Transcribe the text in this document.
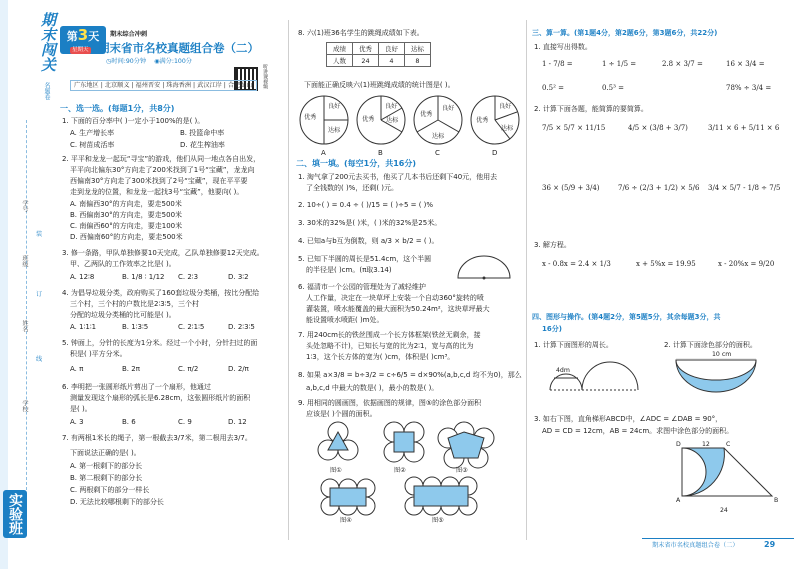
期末闯关
名题卷
学号
班级
姓名
学校
装
订
线
实验班
第3天
星期天
期末综合冲刺
期末省市名校真题组合卷（二）
◷时间:90分钟 ◉满分:100分
听讲课视频
广东地区 | 北京顺义 | 福州晋安 | 珠海香洲 | 武汉江岸 | 合肥蜀山
一、选一选。(每题1分，共8分)
1. 下面的百分率中( )一定小于100%的是( )。
A. 生产增长率	B. 投篮命中率
C. 树苗成活率	D. 花生榨油率
2. 平平和龙龙一起玩“寻宝”的游戏，他们从同一地点各自出发，
平平向北偏东30°方向走了200米找到了1号“宝藏”，龙龙向
西偏南30°方向走了300米找到了2号“宝藏”，现在平平要
走到龙龙的位置，和龙龙一起找3号“宝藏”，他要向( )。
A. 南偏西30°的方向走，要走500米
B. 西偏南30°的方向走，要走500米
C. 南偏西60°的方向走，要走100米
D. 西偏南60°的方向走，要走500米
3. 修一条路，甲队单独修要10天完成，乙队单独修要12天完成。
甲、乙两队的工作效率之比是( )。
A. 12∶8	B. 1/8 ∶ 1/12 C. 2∶3	D. 3∶2
4. 为倡导垃圾分类，政府购买了160套垃圾分类桶，按比分配给
三个村，三个村的户数比是2∶3∶5，三个村
分配的垃圾分类桶的比可能是( )。
A. 1∶1∶1	B. 1∶3∶5	C. 2∶1∶5	D. 2∶3∶5
5. 钟面上，分针的长度为1分米。经过一个小时，分针扫过的面
积是( )平方分米。
A. π	B. 2π	C. π/2	D. 2/π
6. 李明把一张圆形纸片剪出了一个扇形，他通过
测量发现这个扇形的弧长是6.28cm，这张圆形纸片的面积
是( )。
A. 3	B. 6	C. 9	D. 12
7. 有两根1米长的绳子，第一根截去3/7米，第二根用去3/7。
下面说法正确的是( )。
A. 第一根剩下的部分长
B. 第二根剩下的部分长
C. 两根剩下的部分一样长
D. 无法比较哪根剩下的部分长
8. 六(1)班36名学生的跳绳成绩如下表。
成绩	优秀	良好	达标
人数	24	4	8
下面能正确反映六(1)班跳绳成绩的统计图是( )。
良好
优秀
达标
良好
优秀 达标
良好
优秀
达标
良好
优秀
达标
A	B	C	D
二、填一填。(每空1分，共16分)
1. 淘气拿了200元去买书，他买了几本书后还剩下40元，他用去
了全钱数的( )%，还剩( )元。
2. 10÷( ) = 0.4 ÷ ( )/15 = ( )÷5 = ( )%
3. 30米的32%是( )米，( )米的32%是25米。
4. 已知a与b互为倒数，则 a/3 × b/2 = ( )。
5. 已知下半圆的周长是51.4cm，这个半圆
的半径是( )cm。(π取3.14)
6. 福清市一个公园的管理处为了减轻维护
人工作量，决定在一块草坪上安装一个自动360°旋转的喷
灌装置，喷水能覆盖的最大面积为50.24m²，这块草坪最大
能设置喷水喷距( )m处。
7. 用240cm长的铁丝围成一个长方体框架(铁丝无剩余，接
头处忽略不计)，已知长与宽的比为2∶1，宽与高的比为
1∶3，这个长方体的宽为( )cm，体积是( )cm³。
8. 如果 a×3/8 = b÷3/2 = c÷6/5 = d×90%(a,b,c,d 均不为0)，那么
a,b,c,d 中最大的数是( )，最小的数是( )。
9. 用相同的圆画图，依据画图的规律，图⑤的涂色部分面积
应该是( )个圆的面积。
图①	图②	图③
图④	图⑤
三、算一算。(第1题4分，第2题6分，第3题6分，共22分)
1. 直接写出得数。
1 - 7/8 =	1 ÷ 1/5 =	2.8 × 3/7 =	16 × 3/4 =
0.5² =	0.5³ =	78% ÷ 3/4 =
2. 计算下面各题，能简算的要简算。
7/5 × 5/7 × 11/15	4/5 × (3/8 + 3/7)	3/11 × 6 + 5/11 × 6
36 × (5/9 + 3/4)	7/6 ÷ (2/3 + 1/2) × 5/6 3/4 × 5/7 - 1/8 ÷ 7/5
3. 解方程。
x - 0.8x = 2.4 × 1/3	x + 5%x = 19.95	x - 20%x = 9/20
四、图形与操作。(第4题2分，第5题5分，其余每题3分，共
16分)
1. 计算下面图形的周长。	2. 计算下面涂色部分的面积。
4dm
10 cm
3. 如右下图，直角梯形ABCD中，∠ADC = ∠DAB = 90°，
AD = CD = 12cm，AB = 24cm。求图中涂色部分的面积。
D	C
A	B
12
24
期末省市名校真题组合卷（二）	29
